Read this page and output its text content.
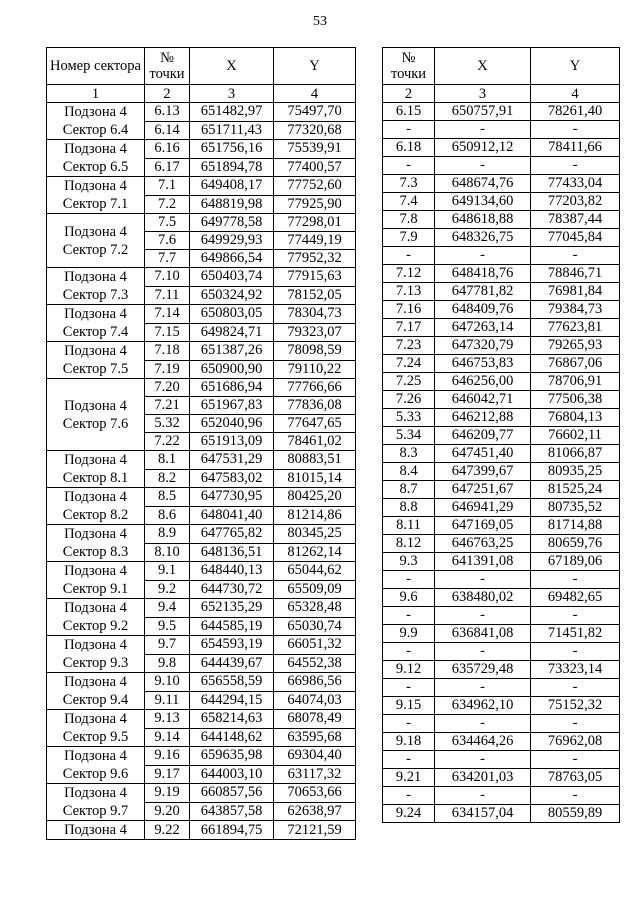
53
Номер сектора	№ точки	X	Y
1	2	3	4

Подзона 4
Сектор 6.4	6.13	651482,97	75497,70
	6.14	651711,43	77320,68

Подзона 4
Сектор 6.5	6.16	651756,16	75539,91
	6.17	651894,78	77400,57

Подзона 4
Сектор 7.1	7.1	649408,17	77752,60
	7.2	648819,98	77925,90

Подзона 4
Сектор 7.2	7.5	649778,58	77298,01
	7.6	649929,93	77449,19
	7.7	649866,54	77952,32

Подзона 4
Сектор 7.3	7.10	650403,74	77915,63
	7.11	650324,92	78152,05

Подзона 4
Сектор 7.4	7.14	650803,05	78304,73
	7.15	649824,71	79323,07

Подзона 4
Сектор 7.5	7.18	651387,26	78098,59
	7.19	650900,90	79110,22

Подзона 4
Сектор 7.6	7.20	651686,94	77766,66
	7.21	651967,83	77836,08
	5.32	652040,96	77647,65
	7.22	651913,09	78461,02

Подзона 4
Сектор 8.1	8.1	647531,29	80883,51
	8.2	647583,02	81015,14

Подзона 4
Сектор 8.2	8.5	647730,95	80425,20
	8.6	648041,40	81214,86

Подзона 4
Сектор 8.3	8.9	647765,82	80345,25
	8.10	648136,51	81262,14

Подзона 4
Сектор 9.1	9.1	648440,13	65044,62
	9.2	644730,72	65509,09

Подзона 4
Сектор 9.2	9.4	652135,29	65328,48
	9.5	644585,19	65030,74

Подзона 4
Сектор 9.3	9.7	654593,19	66051,32
	9.8	644439,67	64552,38

Подзона 4
Сектор 9.4	9.10	656558,59	66986,56
	9.11	644294,15	64074,03

Подзона 4
Сектор 9.5	9.13	658214,63	68078,49
	9.14	644148,62	63595,68

Подзона 4
Сектор 9.6	9.16	659635,98	69304,40
	9.17	644003,10	63117,32

Подзона 4
Сектор 9.7	9.19	660857,56	70653,66
	9.20	643857,58	62638,97

Подзона 4	9.22	661894,75	72121,59
№ точки	X	Y
2	3	4
6.15	650757,91	78261,40
-	-	-
6.18	650912,12	78411,66
-	-	-
7.3	648674,76	77433,04
7.4	649134,60	77203,82
7.8	648618,88	78387,44
7.9	648326,75	77045,84
-	-	-
7.12	648418,76	78846,71
7.13	647781,82	76981,84
7.16	648409,76	79384,73
7.17	647263,14	77623,81
7.23	647320,79	79265,93
7.24	646753,83	76867,06
7.25	646256,00	78706,91
7.26	646042,71	77506,38
5.33	646212,88	76804,13
5.34	646209,77	76602,11
8.3	647451,40	81066,87
8.4	647399,67	80935,25
8.7	647251,67	81525,24
8.8	646941,29	80735,52
8.11	647169,05	81714,88
8.12	646763,25	80659,76
9.3	641391,08	67189,06
-	-	-
9.6	638480,02	69482,65
-	-	-
9.9	636841,08	71451,82
-	-	-
9.12	635729,48	73323,14
-	-	-
9.15	634962,10	75152,32
-	-	-
9.18	634464,26	76962,08
-	-	-
9.21	634201,03	78763,05
-	-	-
9.24	634157,04	80559,89
